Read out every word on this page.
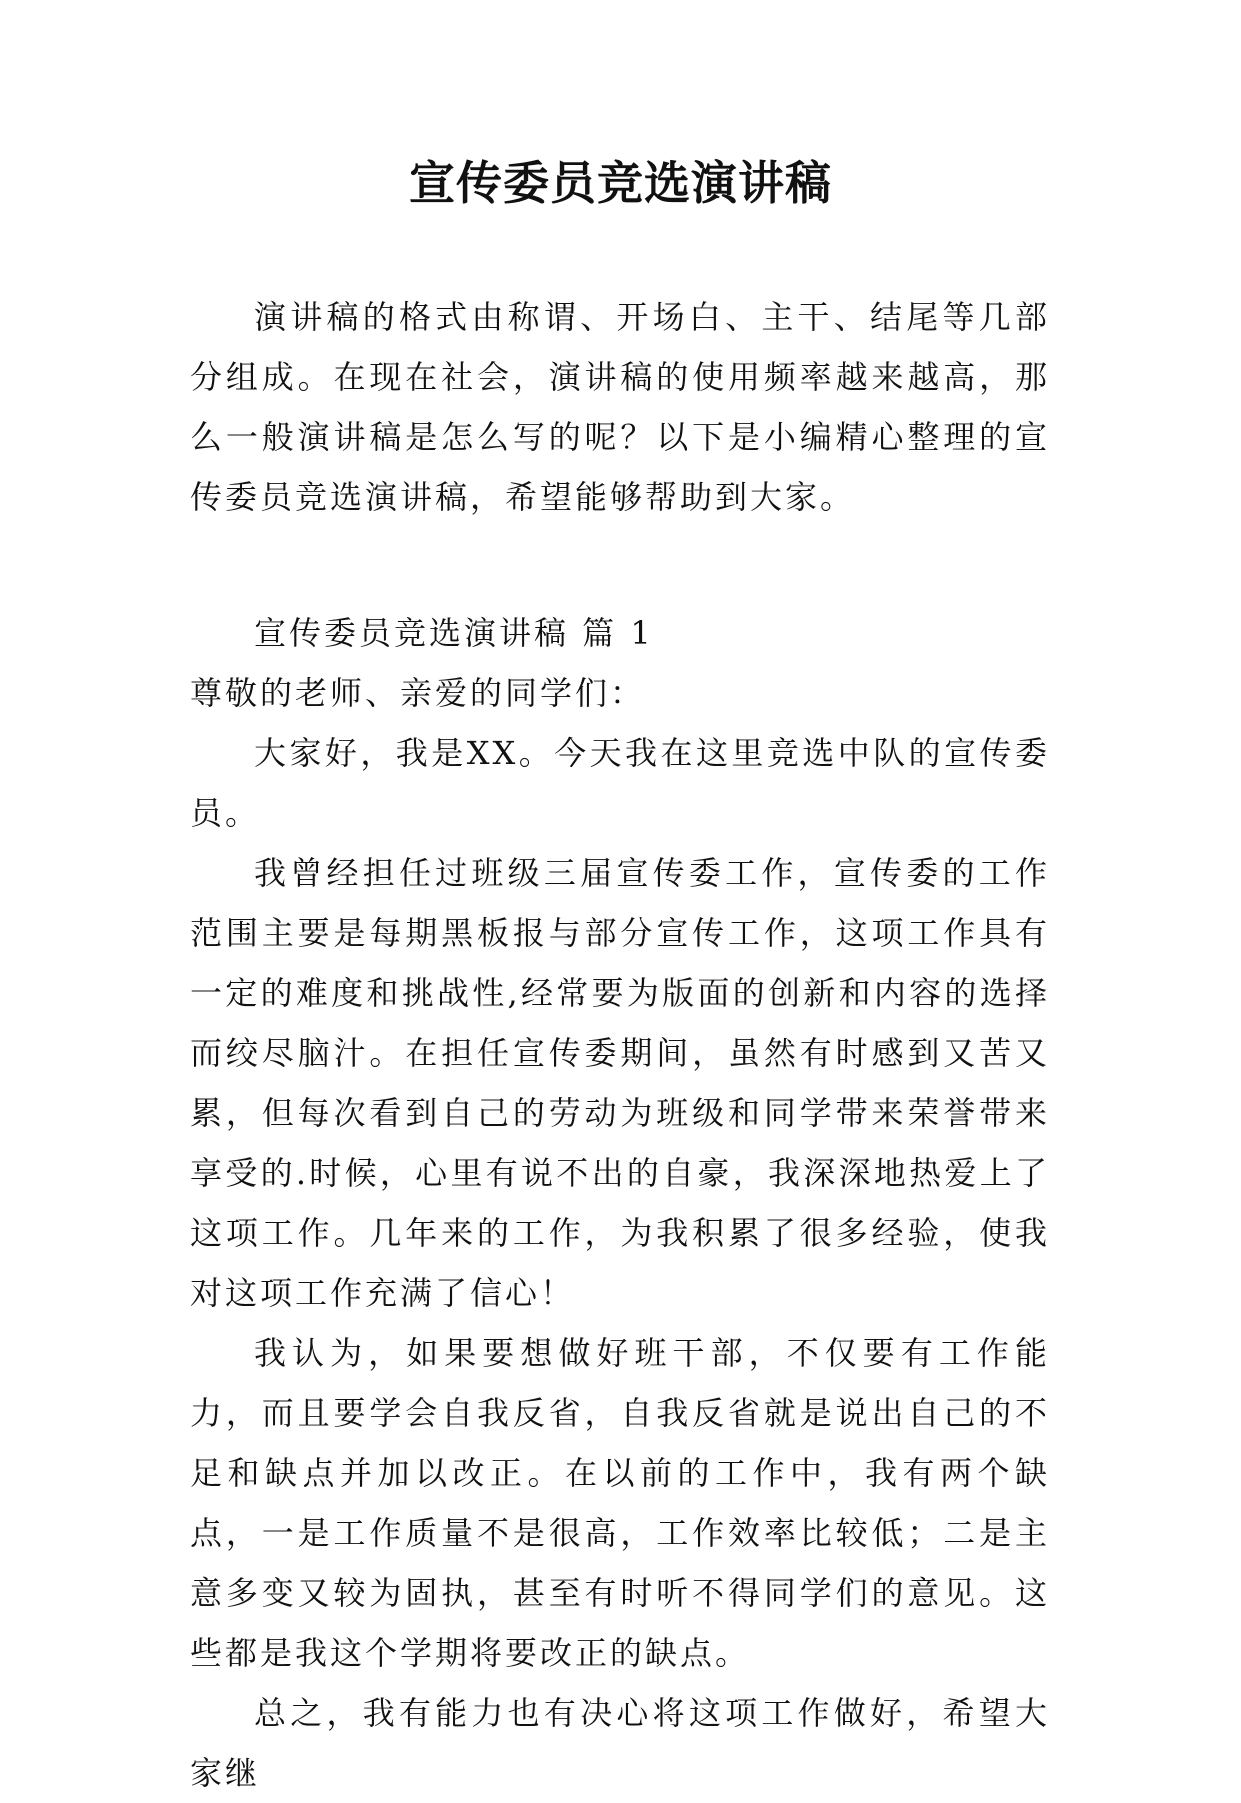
宣传委员竞选演讲稿

演讲稿的格式由称谓、开场白、主干、结尾等几部分组成。在现在社会，演讲稿的使用频率越来越高，那么一般演讲稿是怎么写的呢？以下是小编精心整理的宣传委员竞选演讲稿，希望能够帮助到大家。

宣传委员竞选演讲稿 篇 1

尊敬的老师、亲爱的同学们：

大家好，我是XX。今天我在这里竞选中队的宣传委员。

我曾经担任过班级三届宣传委工作，宣传委的工作范围主要是每期黑板报与部分宣传工作，这项工作具有一定的难度和挑战性,经常要为版面的创新和内容的选择而绞尽脑汁。在担任宣传委期间，虽然有时感到又苦又累，但每次看到自己的劳动为班级和同学带来荣誉带来享受的.时候，心里有说不出的自豪，我深深地热爱上了这项工作。几年来的工作，为我积累了很多经验，使我对这项工作充满了信心！

我认为，如果要想做好班干部，不仅要有工作能力，而且要学会自我反省，自我反省就是说出自己的不足和缺点并加以改正。在以前的工作中，我有两个缺点，一是工作质量不是很高，工作效率比较低；二是主意多变又较为固执，甚至有时听不得同学们的意见。这些都是我这个学期将要改正的缺点。

总之，我有能力也有决心将这项工作做好，希望大家继
